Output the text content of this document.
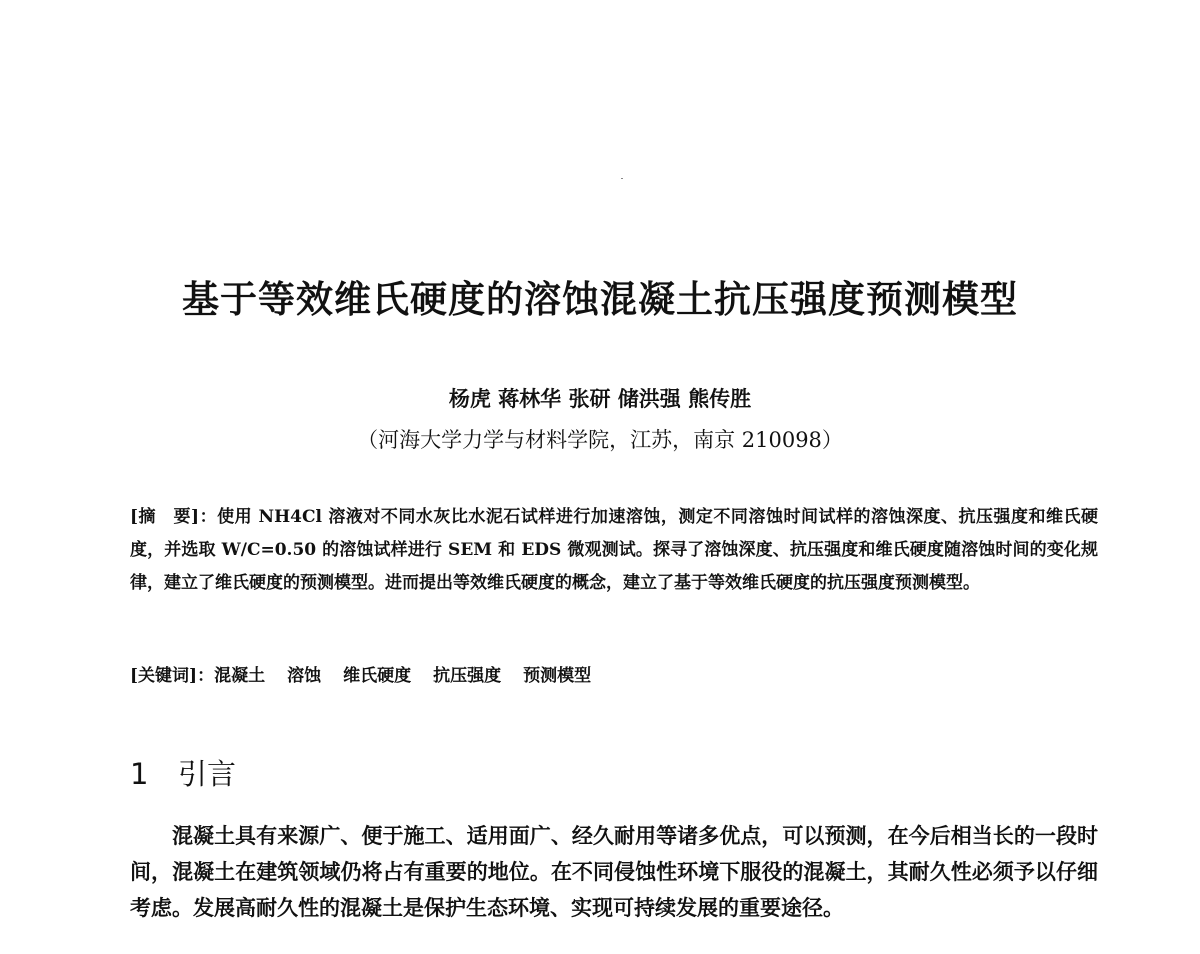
基于等效维氏硬度的溶蚀混凝土抗压强度预测模型
杨虎 蒋林华 张研 储洪强 熊传胜
（河海大学力学与材料学院，江苏，南京 210098）

[摘　要]：使用 NH4Cl 溶液对不同水灰比水泥石试样进行加速溶蚀，测定不同溶蚀时间试样的溶蚀深度、抗压强度和维氏硬度，并选取 W/C=0.50 的溶蚀试样进行 SEM 和 EDS 微观测试。探寻了溶蚀深度、抗压强度和维氏硬度随溶蚀时间的变化规律，建立了维氏硬度的预测模型。进而提出等效维氏硬度的概念，建立了基于等效维氏硬度的抗压强度预测模型。

[关键词]：混凝土 溶蚀 维氏硬度 抗压强度 预测模型

1 引言

混凝土具有来源广、便于施工、适用面广、经久耐用等诸多优点，可以预测，在今后相当长的一段时间，混凝土在建筑领域仍将占有重要的地位。在不同侵蚀性环境下服役的混凝土，其耐久性必须予以仔细考虑。发展高耐久性的混凝土是保护生态环境、实现可持续发展的重要途径。
